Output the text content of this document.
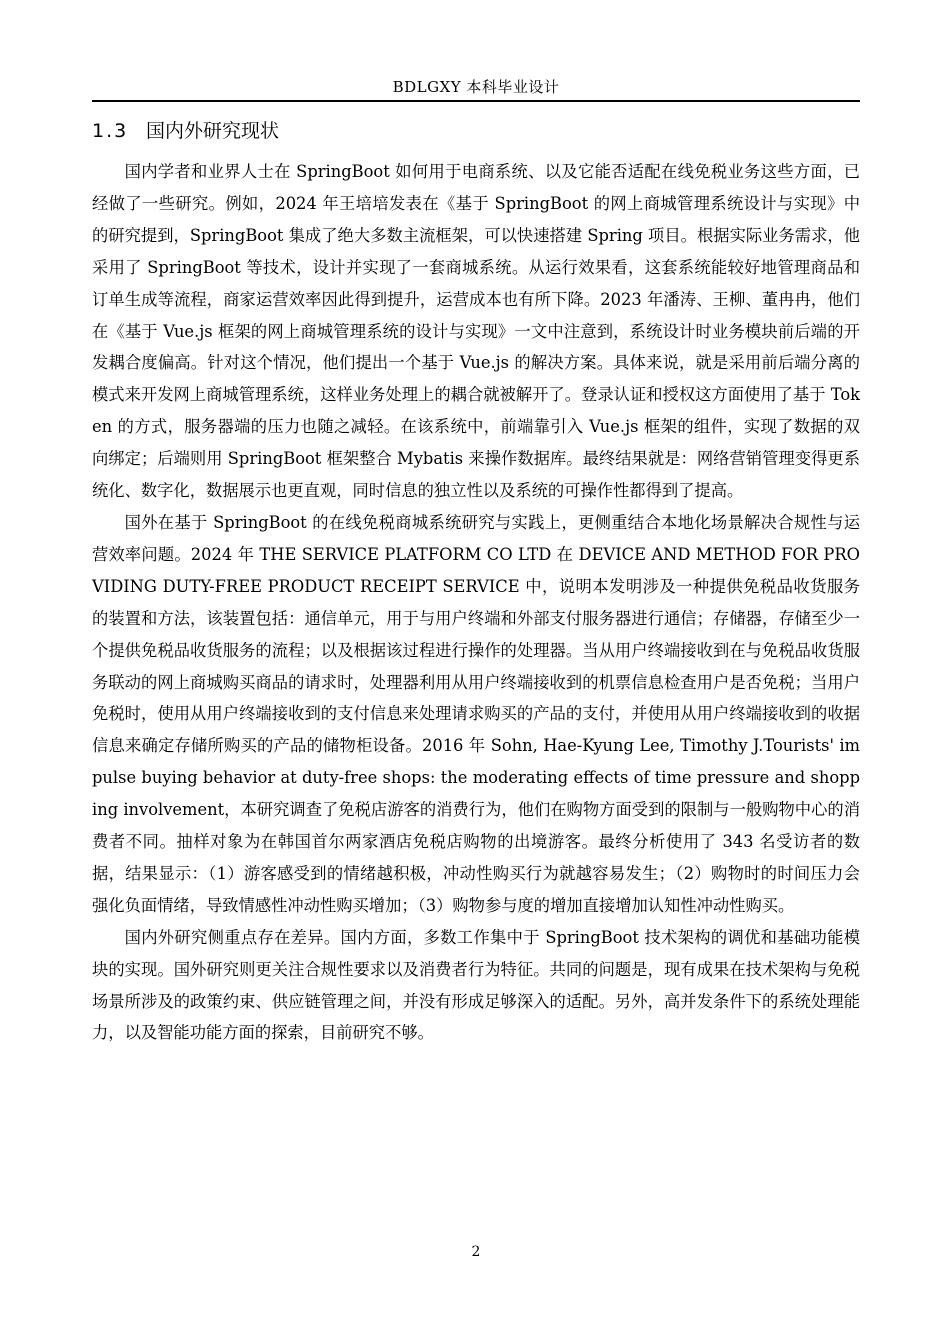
BDLGXY 本科毕业设计
1.3 国内外研究现状

国内学者和业界人士在 SpringBoot 如何用于电商系统、以及它能否适配在线免税业务这些方面，已经做了一些研究。例如，2024 年王培培发表在《基于 SpringBoot 的网上商城管理系统设计与实现》中的研究提到，SpringBoot 集成了绝大多数主流框架，可以快速搭建 Spring 项目。根据实际业务需求，他采用了 SpringBoot 等技术，设计并实现了一套商城系统。从运行效果看，这套系统能较好地管理商品和订单生成等流程，商家运营效率因此得到提升，运营成本也有所下降。2023 年潘涛、王柳、董冉冉，他们在《基于 Vue.js 框架的网上商城管理系统的设计与实现》一文中注意到，系统设计时业务模块前后端的开发耦合度偏高。针对这个情况，他们提出一个基于 Vue.js 的解决方案。具体来说，就是采用前后端分离的模式来开发网上商城管理系统，这样业务处理上的耦合就被解开了。登录认证和授权这方面使用了基于 Token 的方式，服务器端的压力也随之减轻。在该系统中，前端靠引入 Vue.js 框架的组件，实现了数据的双向绑定；后端则用 SpringBoot 框架整合 Mybatis 来操作数据库。最终结果就是：网络营销管理变得更系统化、数字化，数据展示也更直观，同时信息的独立性以及系统的可操作性都得到了提高。

国外在基于 SpringBoot 的在线免税商城系统研究与实践上，更侧重结合本地化场景解决合规性与运营效率问题。2024 年 THE SERVICE PLATFORM CO LTD 在 DEVICE AND METHOD FOR PROVIDING DUTY-FREE PRODUCT RECEIPT SERVICE 中，说明本发明涉及一种提供免税品收货服务的装置和方法，该装置包括：通信单元，用于与用户终端和外部支付服务器进行通信；存储器，存储至少一个提供免税品收货服务的流程；以及根据该过程进行操作的处理器。当从用户终端接收到在与免税品收货服务联动的网上商城购买商品的请求时，处理器利用从用户终端接收到的机票信息检查用户是否免税；当用户免税时，使用从用户终端接收到的支付信息来处理请求购买的产品的支付，并使用从用户终端接收到的收据信息来确定存储所购买的产品的储物柜设备。2016 年 Sohn, Hae-Kyung Lee, Timothy J.Tourists' impulse buying behavior at duty-free shops: the moderating effects of time pressure and shopping involvement，本研究调查了免税店游客的消费行为，他们在购物方面受到的限制与一般购物中心的消费者不同。抽样对象为在韩国首尔两家酒店免税店购物的出境游客。最终分析使用了 343 名受访者的数据，结果显示：（1）游客感受到的情绪越积极，冲动性购买行为就越容易发生；（2）购物时的时间压力会强化负面情绪，导致情感性冲动性购买增加；（3）购物参与度的增加直接增加认知性冲动性购买。

国内外研究侧重点存在差异。国内方面，多数工作集中于 SpringBoot 技术架构的调优和基础功能模块的实现。国外研究则更关注合规性要求以及消费者行为特征。共同的问题是，现有成果在技术架构与免税场景所涉及的政策约束、供应链管理之间，并没有形成足够深入的适配。另外，高并发条件下的系统处理能力，以及智能功能方面的探索，目前研究不够。

2
